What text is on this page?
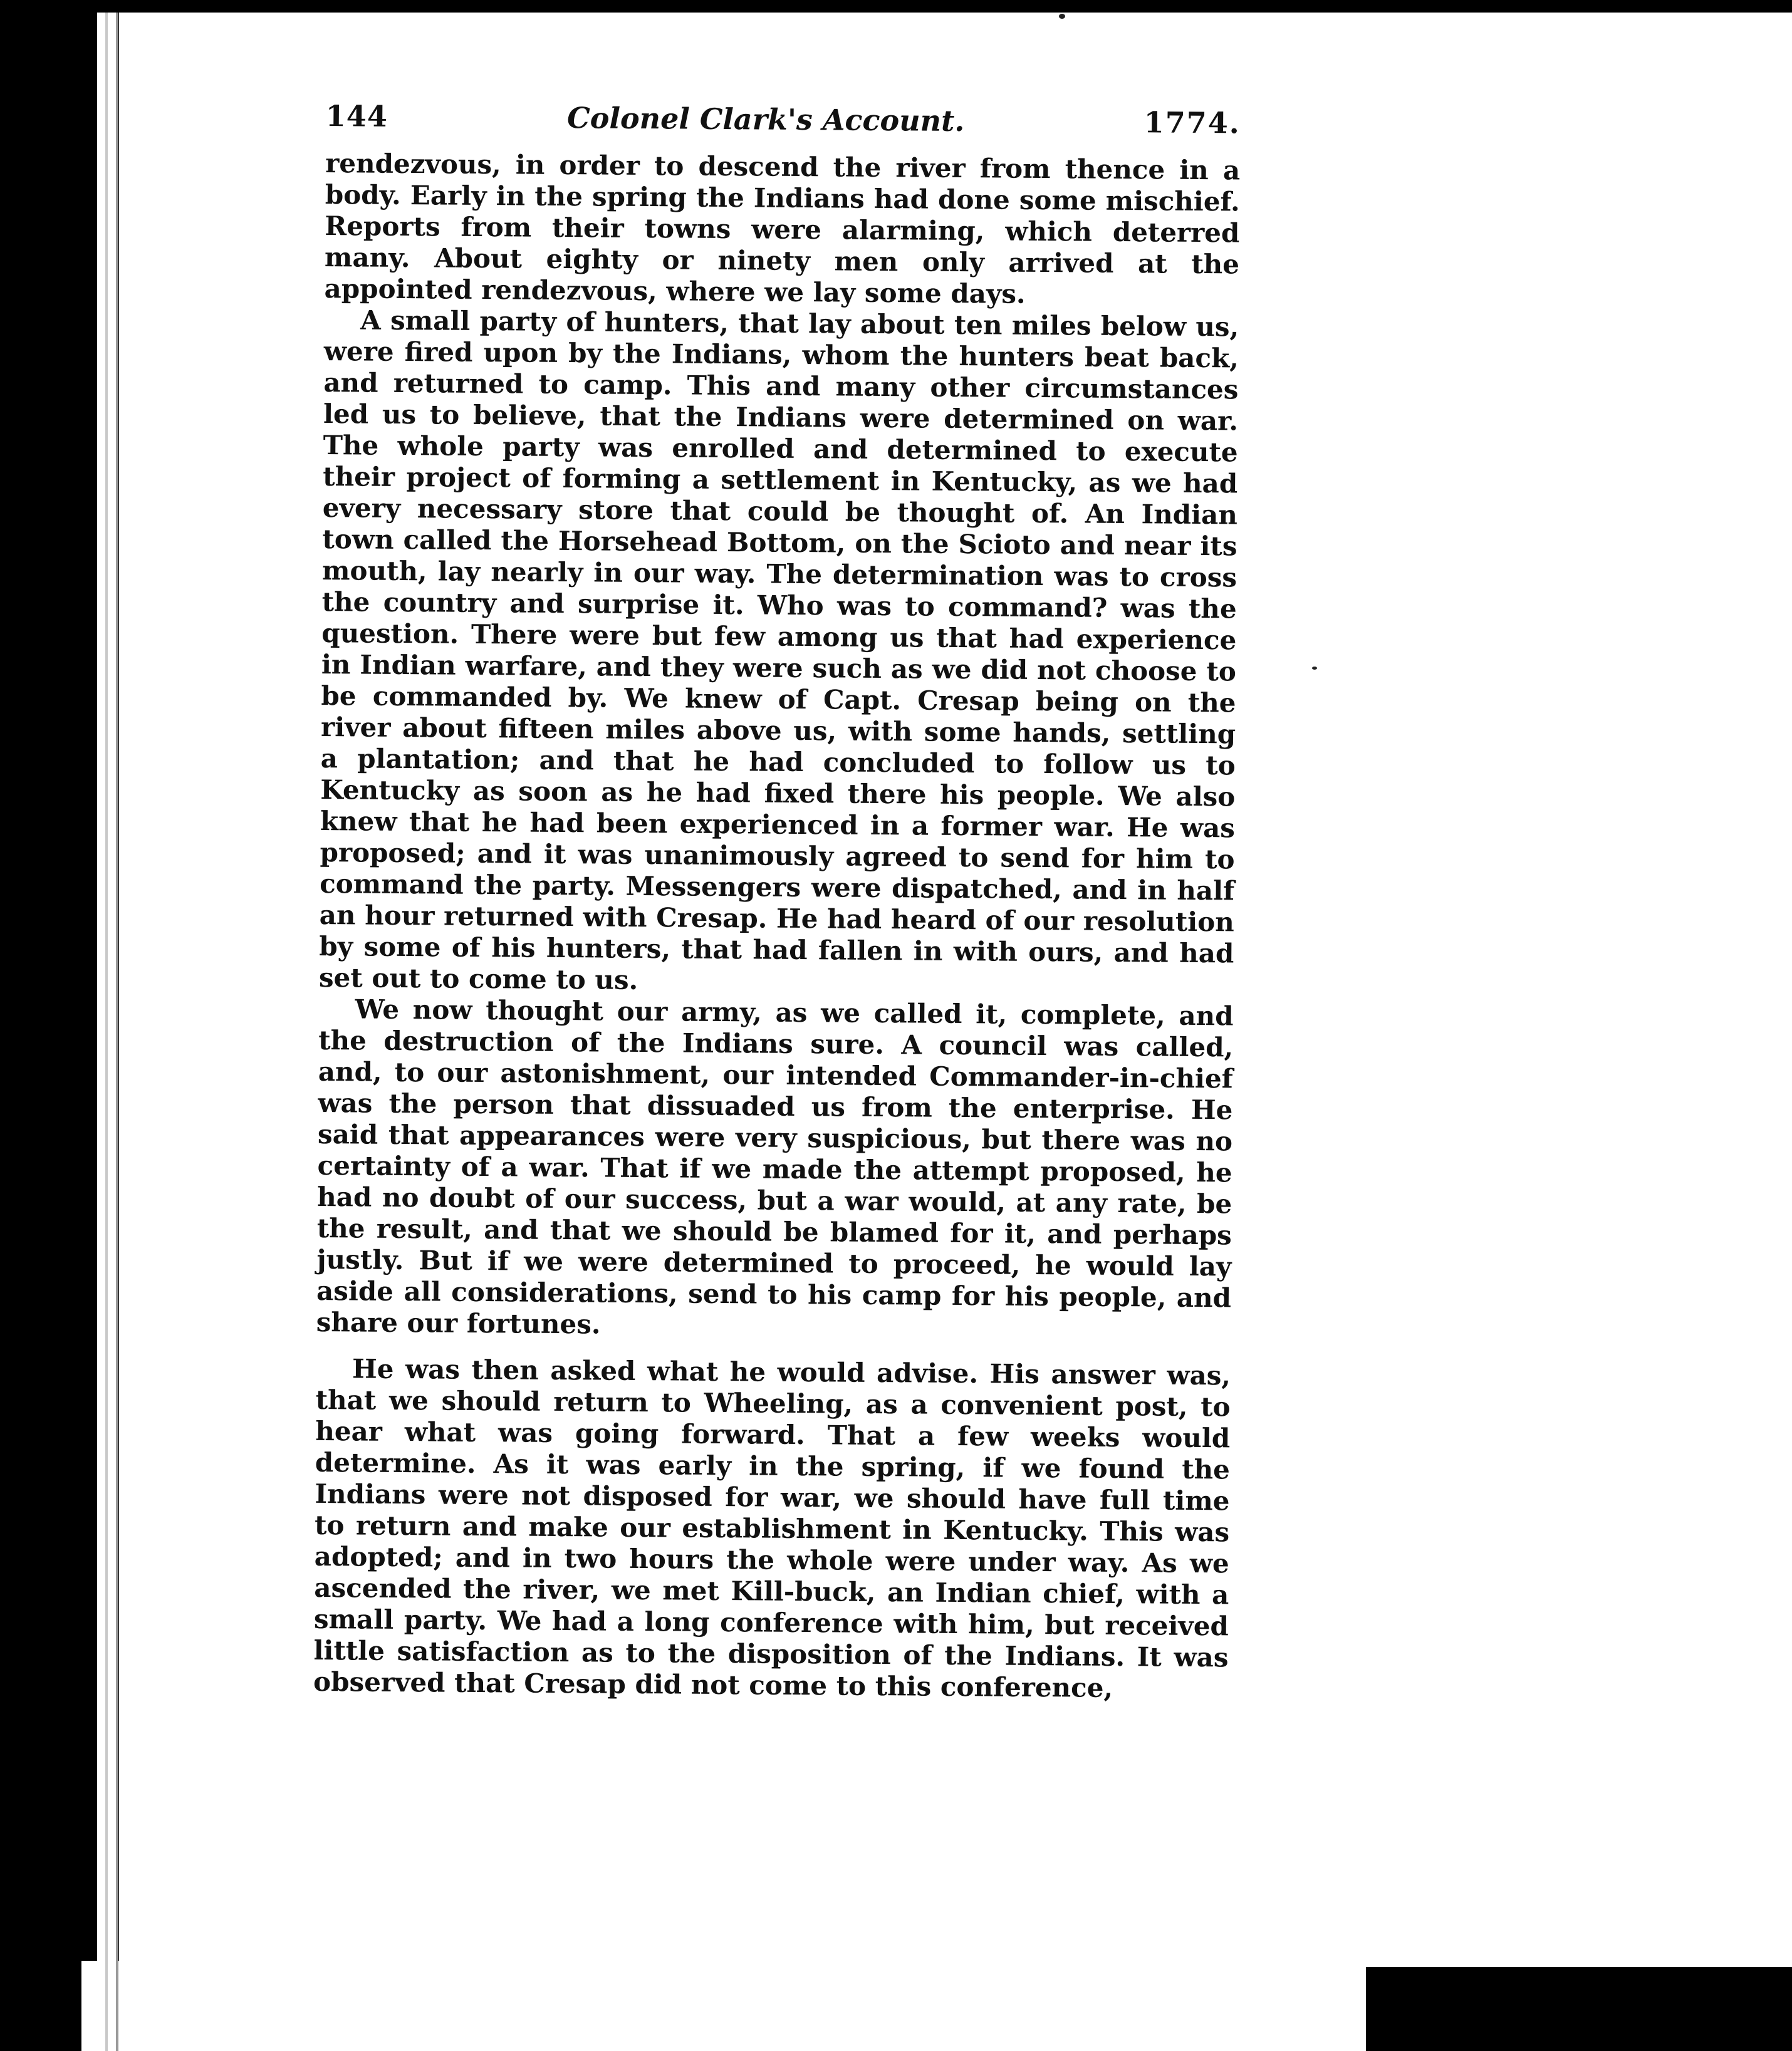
144	Colonel Clark's Account.	1774.

rendezvous, in order to descend the river from thence in a body. Early in the spring the Indians had done some mischief. Reports from their towns were alarming, which deterred many. About eighty or ninety men only arrived at the appointed rendezvous, where we lay some days.

A small party of hunters, that lay about ten miles below us, were fired upon by the Indians, whom the hunters beat back, and returned to camp. This and many other circumstances led us to believe, that the Indians were determined on war. The whole party was enrolled and determined to execute their project of forming a settlement in Kentucky, as we had every necessary store that could be thought of. An Indian town called the Horsehead Bottom, on the Scioto and near its mouth, lay nearly in our way. The determination was to cross the country and surprise it. Who was to command? was the question. There were but few among us that had experience in Indian warfare, and they were such as we did not choose to be commanded by. We knew of Capt. Cresap being on the river about fifteen miles above us, with some hands, settling a plantation; and that he had concluded to follow us to Kentucky as soon as he had fixed there his people. We also knew that he had been experienced in a former war. He was proposed; and it was unanimously agreed to send for him to command the party. Messengers were dispatched, and in half an hour returned with Cresap. He had heard of our resolution by some of his hunters, that had fallen in with ours, and had set out to come to us.

We now thought our army, as we called it, complete, and the destruction of the Indians sure. A council was called, and, to our astonishment, our intended Commander-in-chief was the person that dissuaded us from the enterprise. He said that appearances were very suspicious, but there was no certainty of a war. That if we made the attempt proposed, he had no doubt of our success, but a war would, at any rate, be the result, and that we should be blamed for it, and perhaps justly. But if we were determined to proceed, he would lay aside all considerations, send to his camp for his people, and share our fortunes.

He was then asked what he would advise. His answer was, that we should return to Wheeling, as a convenient post, to hear what was going forward. That a few weeks would determine. As it was early in the spring, if we found the Indians were not disposed for war, we should have full time to return and make our establishment in Kentucky. This was adopted; and in two hours the whole were under way. As we ascended the river, we met Kill-buck, an Indian chief, with a small party. We had a long conference with him, but received little satisfaction as to the disposition of the Indians. It was observed that Cresap did not come to this conference,
